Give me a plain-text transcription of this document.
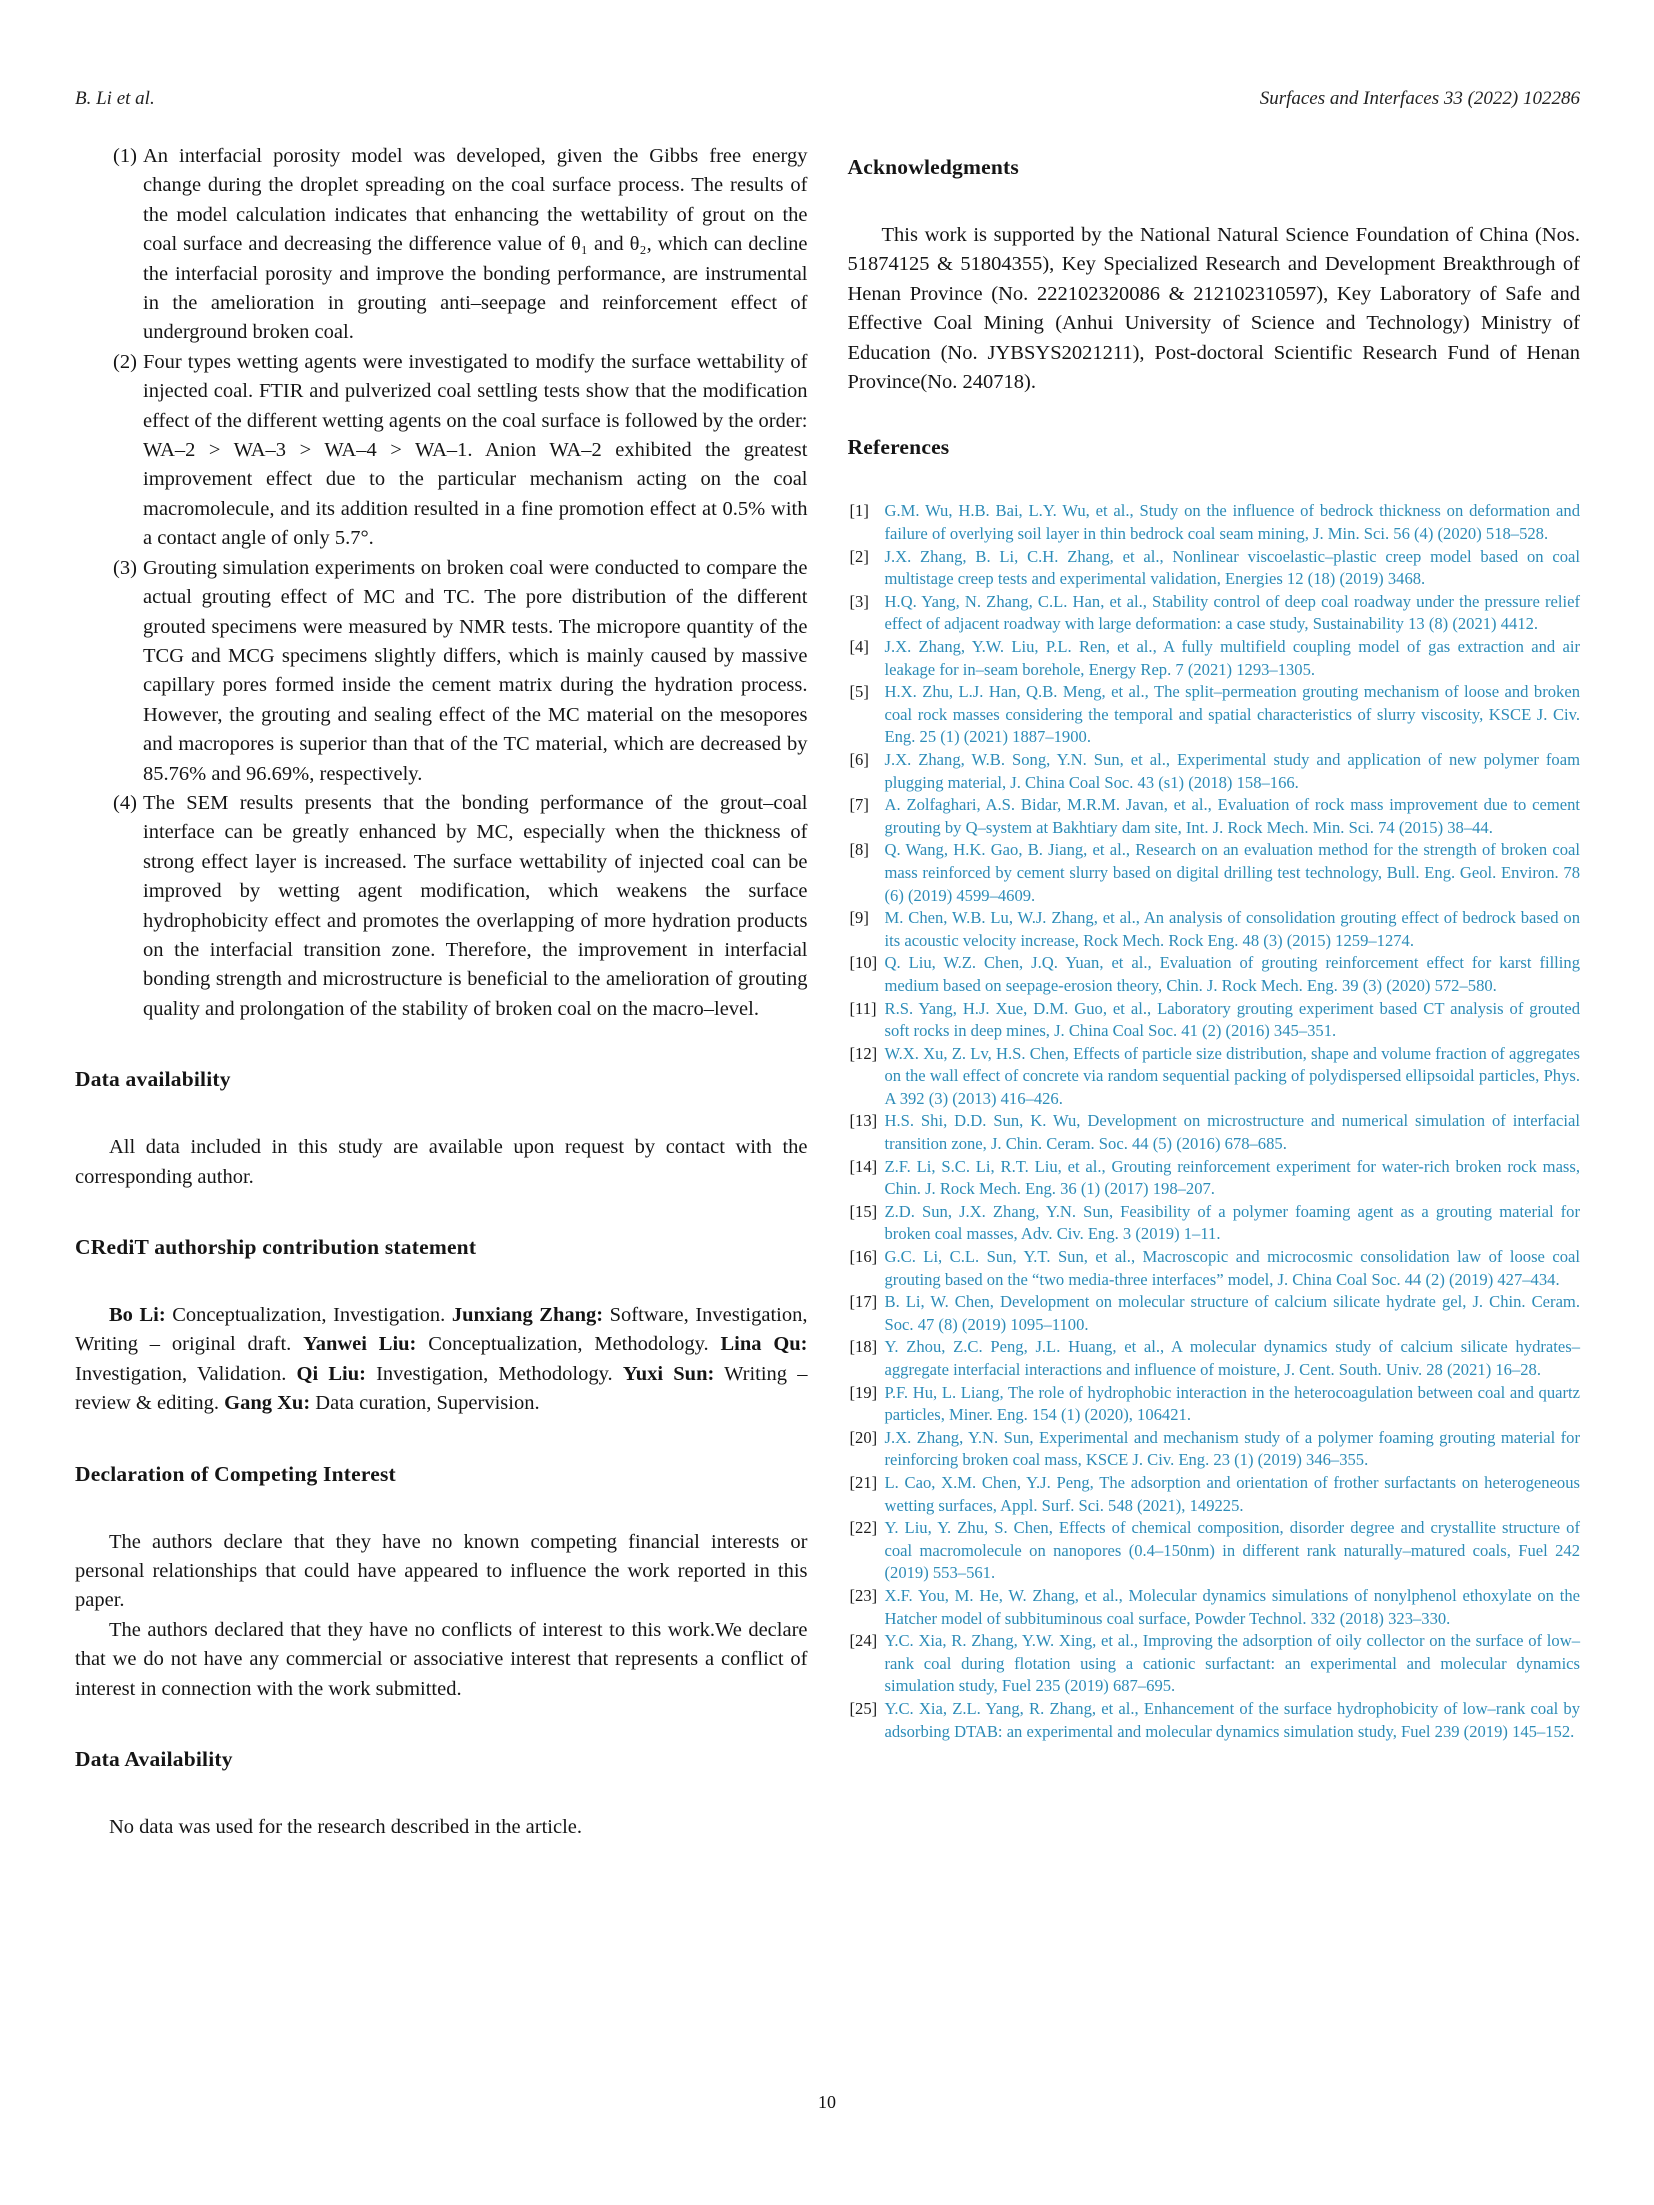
B. Li et al.	Surfaces and Interfaces 33 (2022) 102286
(1) An interfacial porosity model was developed, given the Gibbs free energy change during the droplet spreading on the coal surface process. The results of the model calculation indicates that enhancing the wettability of grout on the coal surface and decreasing the difference value of θ₁ and θ₂, which can decline the interfacial porosity and improve the bonding performance, are instrumental in the amelioration in grouting anti–seepage and reinforcement effect of underground broken coal.
(2) Four types wetting agents were investigated to modify the surface wettability of injected coal. FTIR and pulverized coal settling tests show that the modification effect of the different wetting agents on the coal surface is followed by the order: WA–2 > WA–3 > WA–4 > WA–1. Anion WA–2 exhibited the greatest improvement effect due to the particular mechanism acting on the coal macromolecule, and its addition resulted in a fine promotion effect at 0.5% with a contact angle of only 5.7°.
(3) Grouting simulation experiments on broken coal were conducted to compare the actual grouting effect of MC and TC. The pore distribution of the different grouted specimens were measured by NMR tests. The micropore quantity of the TCG and MCG specimens slightly differs, which is mainly caused by massive capillary pores formed inside the cement matrix during the hydration process. However, the grouting and sealing effect of the MC material on the mesopores and macropores is superior than that of the TC material, which are decreased by 85.76% and 96.69%, respectively.
(4) The SEM results presents that the bonding performance of the grout–coal interface can be greatly enhanced by MC, especially when the thickness of strong effect layer is increased. The surface wettability of injected coal can be improved by wetting agent modification, which weakens the surface hydrophobicity effect and promotes the overlapping of more hydration products on the interfacial transition zone. Therefore, the improvement in interfacial bonding strength and microstructure is beneficial to the amelioration of grouting quality and prolongation of the stability of broken coal on the macro–level.
Data availability

All data included in this study are available upon request by contact with the corresponding author.

CRediT authorship contribution statement

Bo Li: Conceptualization, Investigation. Junxiang Zhang: Software, Investigation, Writing – original draft. Yanwei Liu: Conceptualization, Methodology. Lina Qu: Investigation, Validation. Qi Liu: Investigation, Methodology. Yuxi Sun: Writing – review & editing. Gang Xu: Data curation, Supervision.

Declaration of Competing Interest

The authors declare that they have no known competing financial interests or personal relationships that could have appeared to influence the work reported in this paper.

The authors declared that they have no conflicts of interest to this work.We declare that we do not have any commercial or associative interest that represents a conflict of interest in connection with the work submitted.

Data Availability

No data was used for the research described in the article.

Acknowledgments

This work is supported by the National Natural Science Foundation of China (Nos. 51874125 & 51804355), Key Specialized Research and Development Breakthrough of Henan Province (No. 222102320086 & 212102310597), Key Laboratory of Safe and Effective Coal Mining (Anhui University of Science and Technology) Ministry of Education (No. JYBSYS2021211), Post-doctoral Scientific Research Fund of Henan Province(No. 240718).

References
[1] G.M. Wu, H.B. Bai, L.Y. Wu, et al., Study on the influence of bedrock thickness on deformation and failure of overlying soil layer in thin bedrock coal seam mining, J. Min. Sci. 56 (4) (2020) 518–528.
[2] J.X. Zhang, B. Li, C.H. Zhang, et al., Nonlinear viscoelastic–plastic creep model based on coal multistage creep tests and experimental validation, Energies 12 (18) (2019) 3468.
[3] H.Q. Yang, N. Zhang, C.L. Han, et al., Stability control of deep coal roadway under the pressure relief effect of adjacent roadway with large deformation: a case study, Sustainability 13 (8) (2021) 4412.
[4] J.X. Zhang, Y.W. Liu, P.L. Ren, et al., A fully multifield coupling model of gas extraction and air leakage for in–seam borehole, Energy Rep. 7 (2021) 1293–1305.
[5] H.X. Zhu, L.J. Han, Q.B. Meng, et al., The split–permeation grouting mechanism of loose and broken coal rock masses considering the temporal and spatial characteristics of slurry viscosity, KSCE J. Civ. Eng. 25 (1) (2021) 1887–1900.
[6] J.X. Zhang, W.B. Song, Y.N. Sun, et al., Experimental study and application of new polymer foam plugging material, J. China Coal Soc. 43 (s1) (2018) 158–166.
[7] A. Zolfaghari, A.S. Bidar, M.R.M. Javan, et al., Evaluation of rock mass improvement due to cement grouting by Q–system at Bakhtiary dam site, Int. J. Rock Mech. Min. Sci. 74 (2015) 38–44.
[8] Q. Wang, H.K. Gao, B. Jiang, et al., Research on an evaluation method for the strength of broken coal mass reinforced by cement slurry based on digital drilling test technology, Bull. Eng. Geol. Environ. 78 (6) (2019) 4599–4609.
[9] M. Chen, W.B. Lu, W.J. Zhang, et al., An analysis of consolidation grouting effect of bedrock based on its acoustic velocity increase, Rock Mech. Rock Eng. 48 (3) (2015) 1259–1274.
[10] Q. Liu, W.Z. Chen, J.Q. Yuan, et al., Evaluation of grouting reinforcement effect for karst filling medium based on seepage-erosion theory, Chin. J. Rock Mech. Eng. 39 (3) (2020) 572–580.
[11] R.S. Yang, H.J. Xue, D.M. Guo, et al., Laboratory grouting experiment based CT analysis of grouted soft rocks in deep mines, J. China Coal Soc. 41 (2) (2016) 345–351.
[12] W.X. Xu, Z. Lv, H.S. Chen, Effects of particle size distribution, shape and volume fraction of aggregates on the wall effect of concrete via random sequential packing of polydispersed ellipsoidal particles, Phys. A 392 (3) (2013) 416–426.
[13] H.S. Shi, D.D. Sun, K. Wu, Development on microstructure and numerical simulation of interfacial transition zone, J. Chin. Ceram. Soc. 44 (5) (2016) 678–685.
[14] Z.F. Li, S.C. Li, R.T. Liu, et al., Grouting reinforcement experiment for water-rich broken rock mass, Chin. J. Rock Mech. Eng. 36 (1) (2017) 198–207.
[15] Z.D. Sun, J.X. Zhang, Y.N. Sun, Feasibility of a polymer foaming agent as a grouting material for broken coal masses, Adv. Civ. Eng. 3 (2019) 1–11.
[16] G.C. Li, C.L. Sun, Y.T. Sun, et al., Macroscopic and microcosmic consolidation law of loose coal grouting based on the “two media-three interfaces” model, J. China Coal Soc. 44 (2) (2019) 427–434.
[17] B. Li, W. Chen, Development on molecular structure of calcium silicate hydrate gel, J. Chin. Ceram. Soc. 47 (8) (2019) 1095–1100.
[18] Y. Zhou, Z.C. Peng, J.L. Huang, et al., A molecular dynamics study of calcium silicate hydrates–aggregate interfacial interactions and influence of moisture, J. Cent. South. Univ. 28 (2021) 16–28.
[19] P.F. Hu, L. Liang, The role of hydrophobic interaction in the heterocoagulation between coal and quartz particles, Miner. Eng. 154 (1) (2020), 106421.
[20] J.X. Zhang, Y.N. Sun, Experimental and mechanism study of a polymer foaming grouting material for reinforcing broken coal mass, KSCE J. Civ. Eng. 23 (1) (2019) 346–355.
[21] L. Cao, X.M. Chen, Y.J. Peng, The adsorption and orientation of frother surfactants on heterogeneous wetting surfaces, Appl. Surf. Sci. 548 (2021), 149225.
[22] Y. Liu, Y. Zhu, S. Chen, Effects of chemical composition, disorder degree and crystallite structure of coal macromolecule on nanopores (0.4–150nm) in different rank naturally–matured coals, Fuel 242 (2019) 553–561.
[23] X.F. You, M. He, W. Zhang, et al., Molecular dynamics simulations of nonylphenol ethoxylate on the Hatcher model of subbituminous coal surface, Powder Technol. 332 (2018) 323–330.
[24] Y.C. Xia, R. Zhang, Y.W. Xing, et al., Improving the adsorption of oily collector on the surface of low–rank coal during flotation using a cationic surfactant: an experimental and molecular dynamics simulation study, Fuel 235 (2019) 687–695.
[25] Y.C. Xia, Z.L. Yang, R. Zhang, et al., Enhancement of the surface hydrophobicity of low–rank coal by adsorbing DTAB: an experimental and molecular dynamics simulation study, Fuel 239 (2019) 145–152.
10
